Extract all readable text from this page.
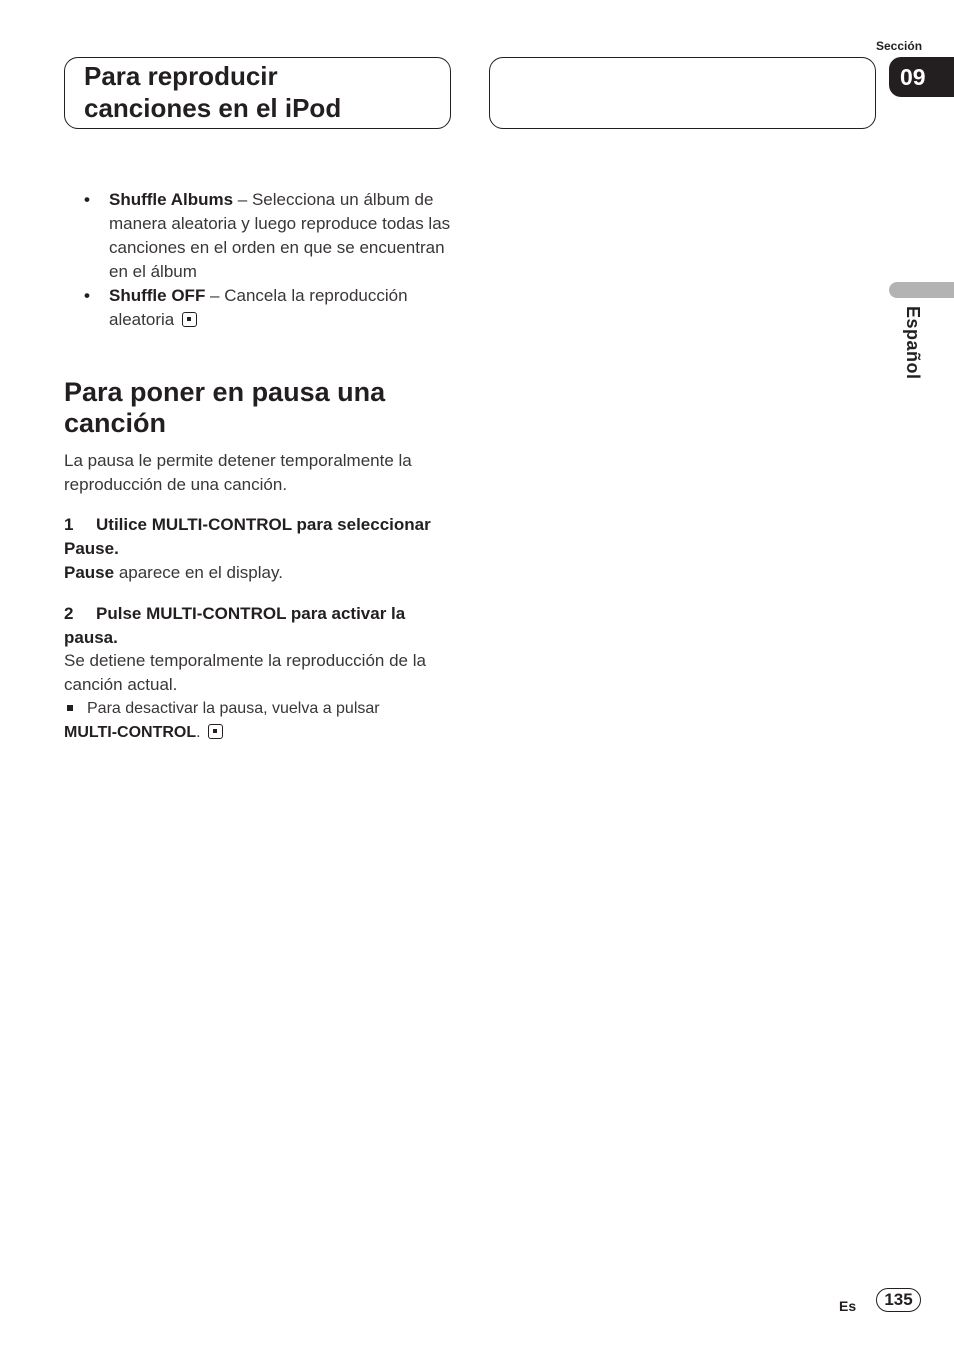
Para reproducir
canciones en el iPod
Sección
09
Español
• Shuffle Albums – Selecciona un álbum de manera aleatoria y luego reproduce todas las canciones en el orden en que se encuentran en el álbum
• Shuffle OFF – Cancela la reproducción aleatoria
Para poner en pausa una
canción
La pausa le permite detener temporalmente la reproducción de una canción.
1 Utilice MULTI-CONTROL para seleccionar Pause.
Pause aparece en el display.
2 Pulse MULTI-CONTROL para activar la pausa.
Se detiene temporalmente la reproducción de la canción actual.
Para desactivar la pausa, vuelva a pulsar
MULTI-CONTROL.
Es	135
